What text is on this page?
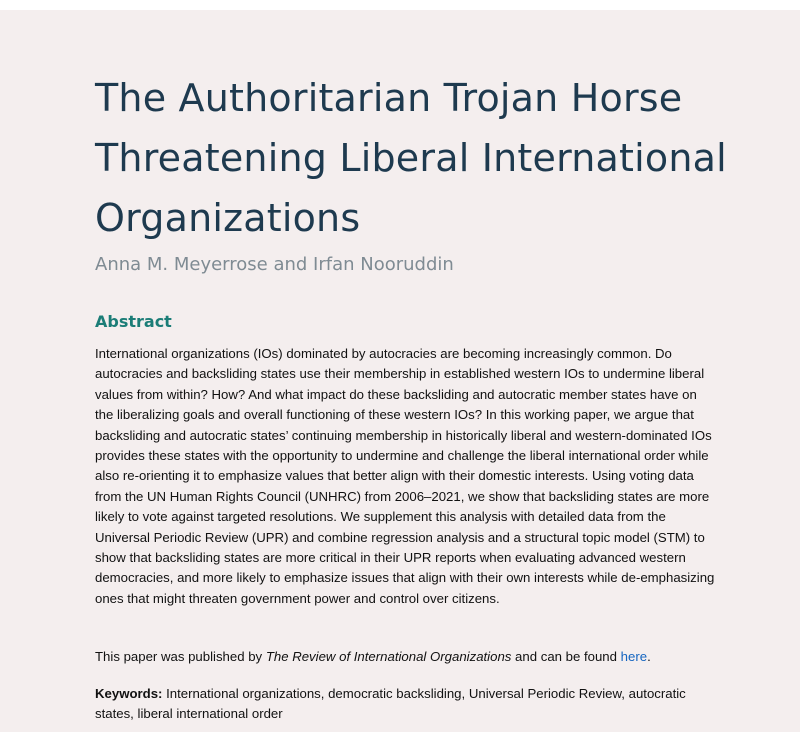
The Authoritarian Trojan Horse Threatening Liberal International Organizations
Anna M. Meyerrose and Irfan Nooruddin
Abstract

International organizations (IOs) dominated by autocracies are becoming increasingly common. Do autocracies and backsliding states use their membership in established western IOs to undermine liberal values from within? How? And what impact do these backsliding and autocratic member states have on the liberalizing goals and overall functioning of these western IOs? In this working paper, we argue that backsliding and autocratic states’ continuing membership in historically liberal and western-dominated IOs provides these states with the opportunity to undermine and challenge the liberal international order while also re-orienting it to emphasize values that better align with their domestic interests. Using voting data from the UN Human Rights Council (UNHRC) from 2006–2021, we show that backsliding states are more likely to vote against targeted resolutions. We supplement this analysis with detailed data from the Universal Periodic Review (UPR) and combine regression analysis and a structural topic model (STM) to show that backsliding states are more critical in their UPR reports when evaluating advanced western democracies, and more likely to emphasize issues that align with their own interests while de-emphasizing ones that might threaten government power and control over citizens.

This paper was published by The Review of International Organizations and can be found here.

Keywords: International organizations, democratic backsliding, Universal Periodic Review, autocratic states, liberal international order
